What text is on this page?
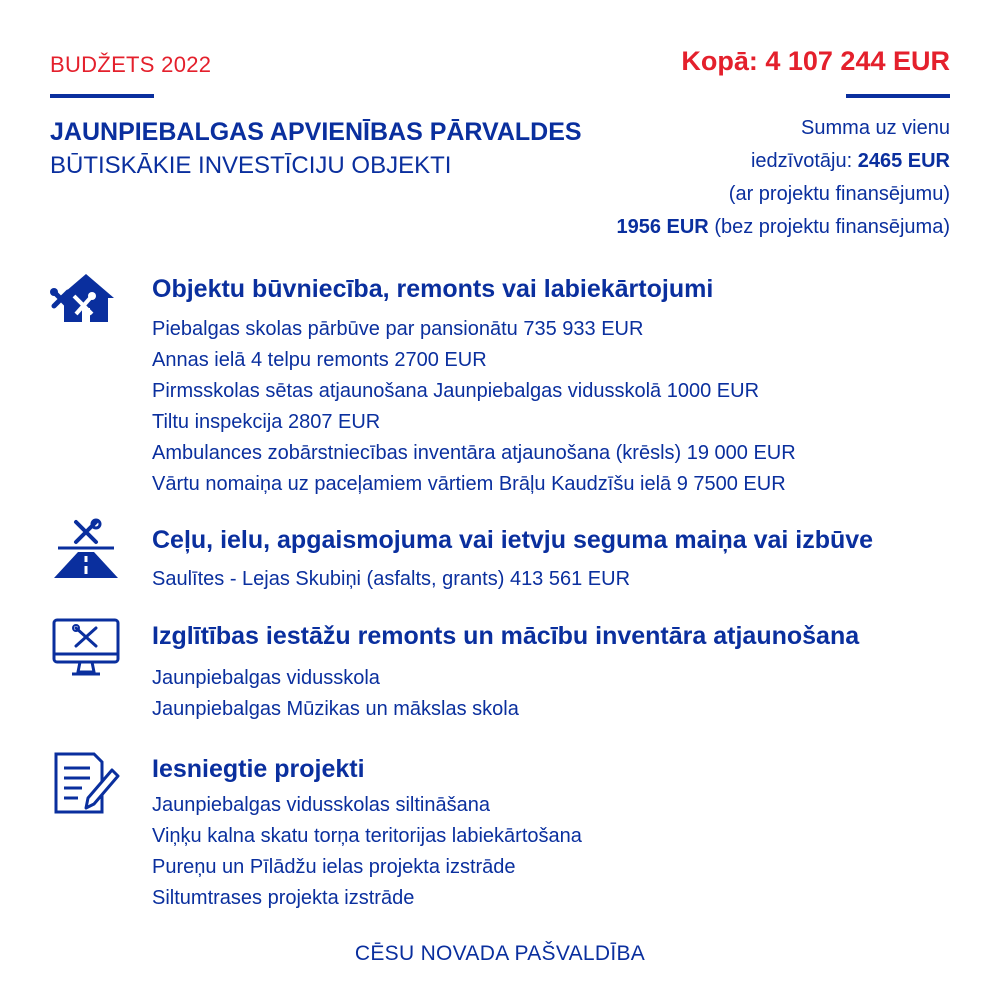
BUDŽETS 2022	Kopā: 4 107 244 EUR
JAUNPIEBALGAS APVIENĪBAS PĀRVALDES
BŪTISKĀKIE INVESTĪCIJU OBJEKTI
Summa uz vienu
iedzīvotāju: 2465 EUR
(ar projektu finansējumu)
1956 EUR (bez projektu finansējuma)
Objektu būvniecība, remonts vai labiekārtojumi
Piebalgas skolas pārbūve par pansionātu 735 933 EUR
Annas ielā 4 telpu remonts 2700 EUR
Pirmsskolas sētas atjaunošana Jaunpiebalgas vidusskolā 1000 EUR
Tiltu inspekcija 2807 EUR
Ambulances zobārstniecības inventāra atjaunošana (krēsls) 19 000 EUR
Vārtu nomaiņa uz paceļamiem vārtiem Brāļu Kaudzīšu ielā 9 7500 EUR
Ceļu, ielu, apgaismojuma vai ietvju seguma maiņa vai izbūve
Saulītes - Lejas Skubiņi (asfalts, grants) 413 561 EUR
Izglītības iestāžu remonts un mācību inventāra atjaunošana
Jaunpiebalgas vidusskola
Jaunpiebalgas Mūzikas un mākslas skola
Iesniegtie projekti
Jaunpiebalgas vidusskolas siltināšana
Viņķu kalna skatu torņa teritorijas labiekārtošana
Pureņu un Pīlādžu ielas projekta izstrāde
Siltumtrases projekta izstrāde
CĒSU NOVADA PAŠVALDĪBA
